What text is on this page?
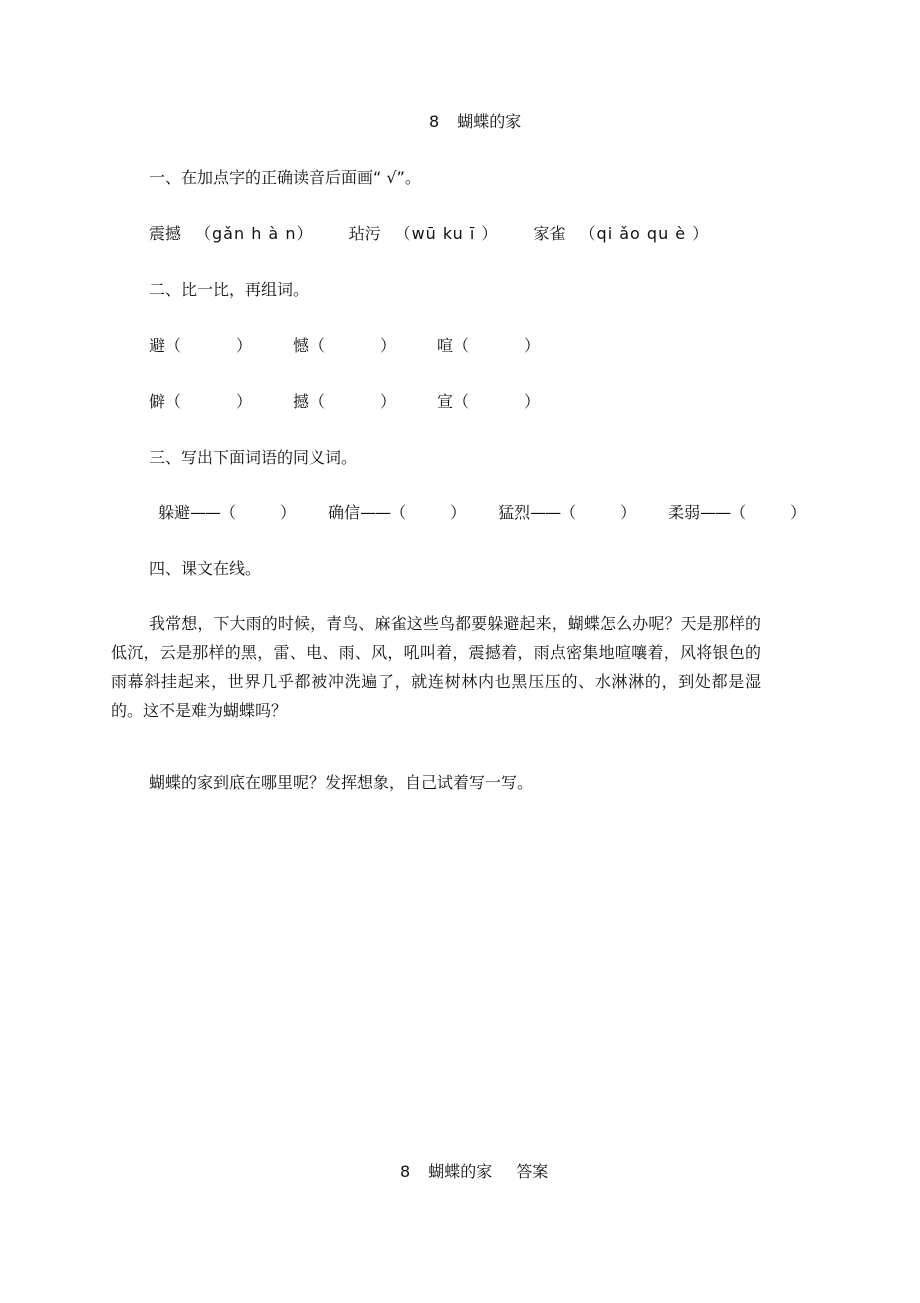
8 蝴蝶的家
一、在加点字的正确读音后面画“ √”。
震撼 （gǎn h à n） 玷污 （wū ku ī ） 家雀 （qi ǎo qu è ）
二、比一比，再组词。
避（	）	憾（	）	喧（	）
僻（	）	撼（	）	宣（	）
三、写出下面词语的同义词。
躲避——（	） 确信——（	） 猛烈——（	） 柔弱——（	）
四、课文在线。
我常想，下大雨的时候，青鸟、麻雀这些鸟都要躲避起来，蝴蝶怎么办呢？天是那样的低沉，云是那样的黑，雷、电、雨、风，吼叫着，震撼着，雨点密集地喧嚷着，风将银色的雨幕斜挂起来，世界几乎都被冲洗遍了，就连树林内也黑压压的、水淋淋的，到处都是湿的。这不是难为蝴蝶吗？
蝴蝶的家到底在哪里呢？发挥想象，自己试着写一写。
8 蝴蝶的家 答案
